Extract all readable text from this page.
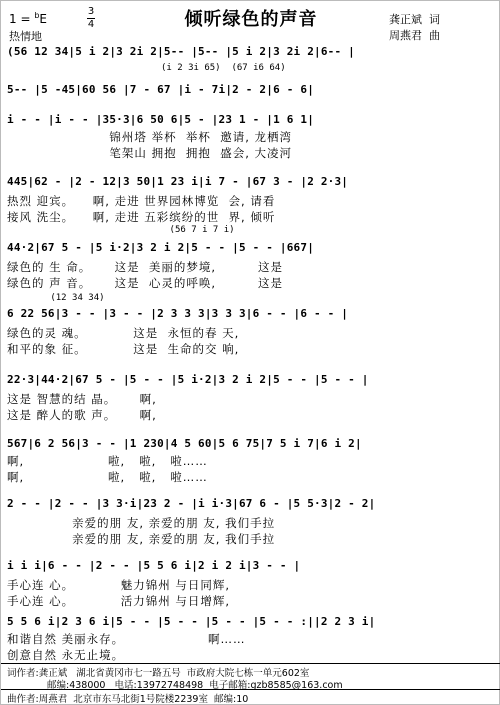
1 = $^b$E
3
4	倾听绿色的声音
热情地
龚正斌  词
周燕君  曲
(56 12 34|5 i 2|3 2i 2|5-- |5-- |5 i 2|3 2i 2|6-- |
(i 2 3i 65)  (67 i6 64)
5-- |5 -45|60 56 |7 - 67 |i - 7i|2 - 2|6 - 6|
i - - |i - - |35·3|6 50 6|5 - |23 1 - |1 6 1|
锦州塔 举杯  举杯  邀请, 龙栖湾
笔架山 拥抱  拥抱  盛会, 大凌河
445|62 - |2 - 12|3 50|1 23 i|i 7 - |67 3 - |2 2·3|
热烈 迎宾。    啊, 走进 世界园林博览  会, 请看
接风 洗尘。    啊, 走进 五彩缤纷的世  界, 倾听
(56 7 i 7 i)
44·2|67 5 - |5 i·2|3 2 i 2|5 - - |5 - - |667|
绿色的 生 命。     这是  美丽的梦境,         这是
绿色的 声 音。     这是  心灵的呼唤,         这是
(12 34 34)
6 22 56|3 - - |3 - - |2 3 3 3|3 3 3|6 - - |6 - - |
绿色的灵 魂。          这是  永恒的春 天,
和平的象 征。          这是  生命的交 响,
22·3|44·2|67 5 - |5 - - |5 i·2|3 2 i 2|5 - - |5 - - |
这是 智慧的结 晶。     啊,
这是 醉人的歌 声。     啊,
567|6 2 56|3 - - |1 230|4 5 60|5 6 75|7 5 i 7|6 i 2|
啊,                  啦,   啦,   啦……
啊,                  啦,   啦,   啦……
2 - - |2 - - |3 3·i|23 2 - |i i·3|67 6 - |5 5·3|2 - 2|
亲爱的朋 友, 亲爱的朋 友, 我们手拉
亲爱的朋 友, 亲爱的朋 友, 我们手拉
i i i|6 - - |2 - - |5 5 6 i|2 i 2 i|3 - - |
手心连 心。          魅力锦州 与日同辉,
手心连 心。          活力锦州 与日增辉,
5 5 6 i|2 3 6 i|5 - - |5 - - |5 - - |5 - - :||2 2 3 i|
和谐自然 美丽永存。                  啊……
创意自然 永无止境。
词作者:龚正斌   湖北省黄冈市七一路五号  市政府大院七栋一单元602室
邮编:438000   电话:13972748498  电子邮箱:gzb8585@163.com
曲作者:周燕君  北京市东马北街1号院楼2239室  邮编:10
